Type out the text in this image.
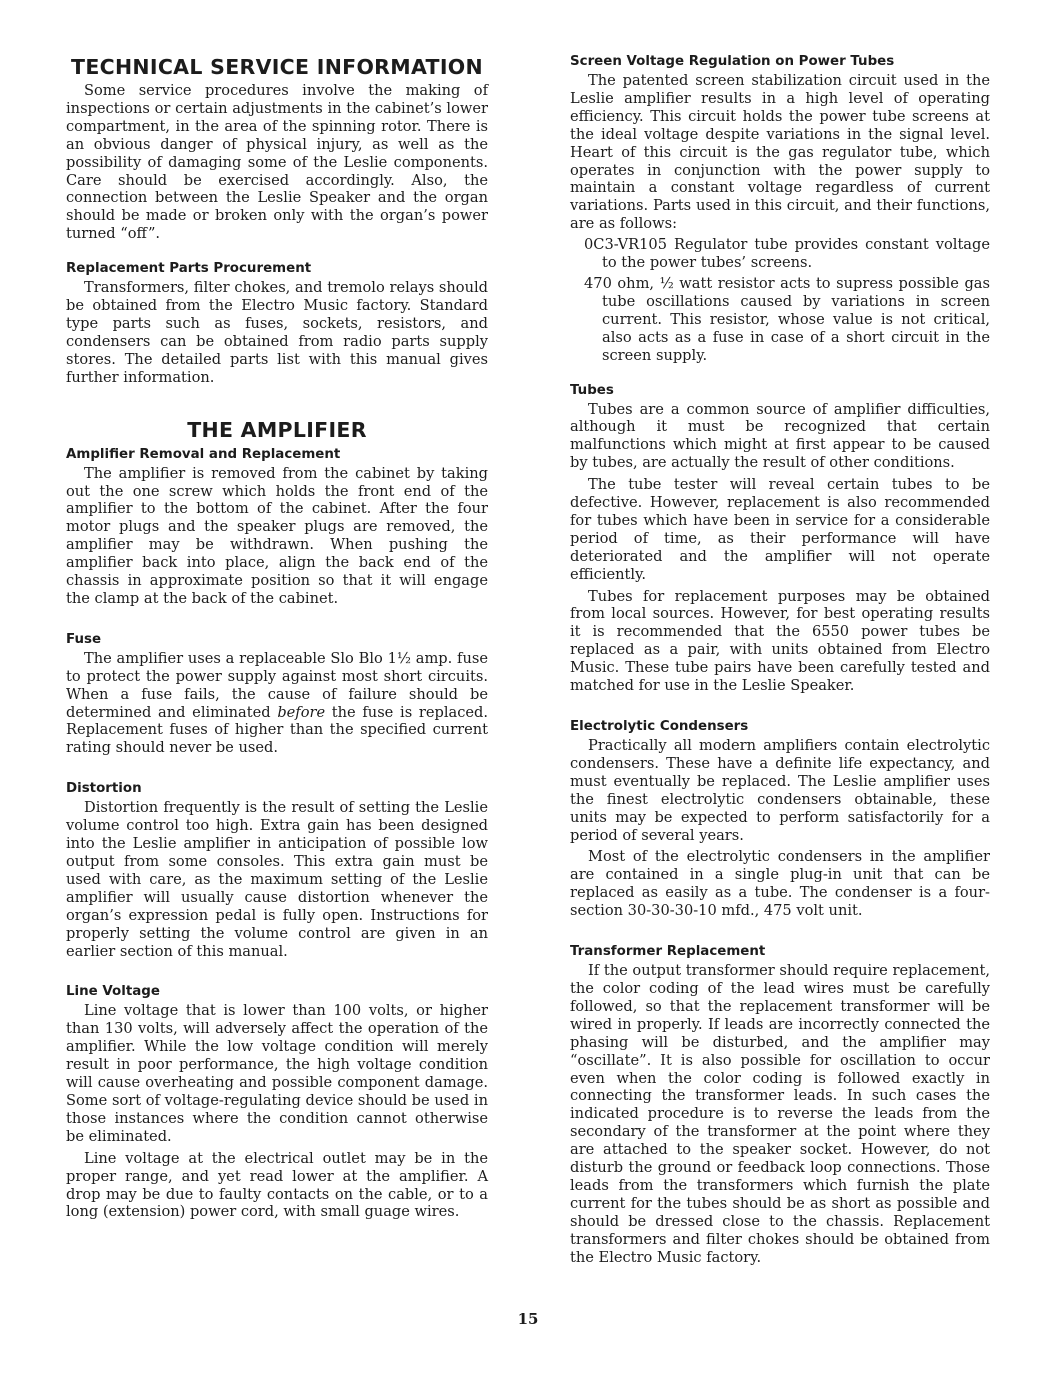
TECHNICAL SERVICE INFORMATION

Some service procedures involve the making of inspections or certain adjustments in the cabinet’s lower compartment, in the area of the spinning rotor. There is an obvious danger of physical injury, as well as the possibility of damaging some of the Leslie components. Care should be exercised accordingly. Also, the connection between the Leslie Speaker and the organ should be made or broken only with the organ’s power turned “off”.

Replacement Parts Procurement

Transformers, filter chokes, and tremolo relays should be obtained from the Electro Music factory. Standard type parts such as fuses, sockets, resistors, and condensers can be obtained from radio parts supply stores. The detailed parts list with this manual gives further information.

THE AMPLIFIER
Amplifier Removal and Replacement

The amplifier is removed from the cabinet by taking out the one screw which holds the front end of the amplifier to the bottom of the cabinet. After the four motor plugs and the speaker plugs are removed, the amplifier may be withdrawn. When pushing the amplifier back into place, align the back end of the chassis in approximate position so that it will engage the clamp at the back of the cabinet.

Fuse

The amplifier uses a replaceable Slo Blo 1½ amp. fuse to protect the power supply against most short circuits. When a fuse fails, the cause of failure should be determined and eliminated before the fuse is replaced. Replacement fuses of higher than the specified current rating should never be used.

Distortion

Distortion frequently is the result of setting the Leslie volume control too high. Extra gain has been designed into the Leslie amplifier in anticipation of possible low output from some consoles. This extra gain must be used with care, as the maximum setting of the Leslie amplifier will usually cause distortion whenever the organ’s expression pedal is fully open. Instructions for properly setting the volume control are given in an earlier section of this manual.

Line Voltage

Line voltage that is lower than 100 volts, or higher than 130 volts, will adversely affect the operation of the amplifier. While the low voltage condition will merely result in poor performance, the high voltage condition will cause overheating and possible component damage. Some sort of voltage-regulating device should be used in those instances where the condition cannot otherwise be eliminated.

Line voltage at the electrical outlet may be in the proper range, and yet read lower at the amplifier. A drop may be due to faulty contacts on the cable, or to a long (extension) power cord, with small guage wires.

Screen Voltage Regulation on Power Tubes

The patented screen stabilization circuit used in the Leslie amplifier results in a high level of operating efficiency. This circuit holds the power tube screens at the ideal voltage despite variations in the signal level. Heart of this circuit is the gas regulator tube, which operates in conjunction with the power supply to maintain a constant voltage regardless of current variations. Parts used in this circuit, and their functions, are as follows:

0C3-VR105 Regulator tube provides constant voltage to the power tubes’ screens.

470 ohm, ½ watt resistor acts to supress possible gas tube oscillations caused by variations in screen current. This resistor, whose value is not critical, also acts as a fuse in case of a short circuit in the screen supply.

Tubes

Tubes are a common source of amplifier difficulties, although it must be recognized that certain malfunctions which might at first appear to be caused by tubes, are actually the result of other conditions.

The tube tester will reveal certain tubes to be defective. However, replacement is also recommended for tubes which have been in service for a considerable period of time, as their performance will have deteriorated and the amplifier will not operate efficiently.

Tubes for replacement purposes may be obtained from local sources. However, for best operating results it is recommended that the 6550 power tubes be replaced as a pair, with units obtained from Electro Music. These tube pairs have been carefully tested and matched for use in the Leslie Speaker.

Electrolytic Condensers

Practically all modern amplifiers contain electrolytic condensers. These have a definite life expectancy, and must eventually be replaced. The Leslie amplifier uses the finest electrolytic condensers obtainable, these units may be expected to perform satisfactorily for a period of several years.

Most of the electrolytic condensers in the amplifier are contained in a single plug-in unit that can be replaced as easily as a tube. The condenser is a four-section 30-30-30-10 mfd., 475 volt unit.

Transformer Replacement

If the output transformer should require replacement, the color coding of the lead wires must be carefully followed, so that the replacement transformer will be wired in properly. If leads are incorrectly connected the phasing will be disturbed, and the amplifier may “oscillate”. It is also possible for oscillation to occur even when the color coding is followed exactly in connecting the transformer leads. In such cases the indicated procedure is to reverse the leads from the secondary of the transformer at the point where they are attached to the speaker socket. However, do not disturb the ground or feedback loop connections. Those leads from the transformers which furnish the plate current for the tubes should be as short as possible and should be dressed close to the chassis. Replacement transformers and filter chokes should be obtained from the Electro Music factory.

15
